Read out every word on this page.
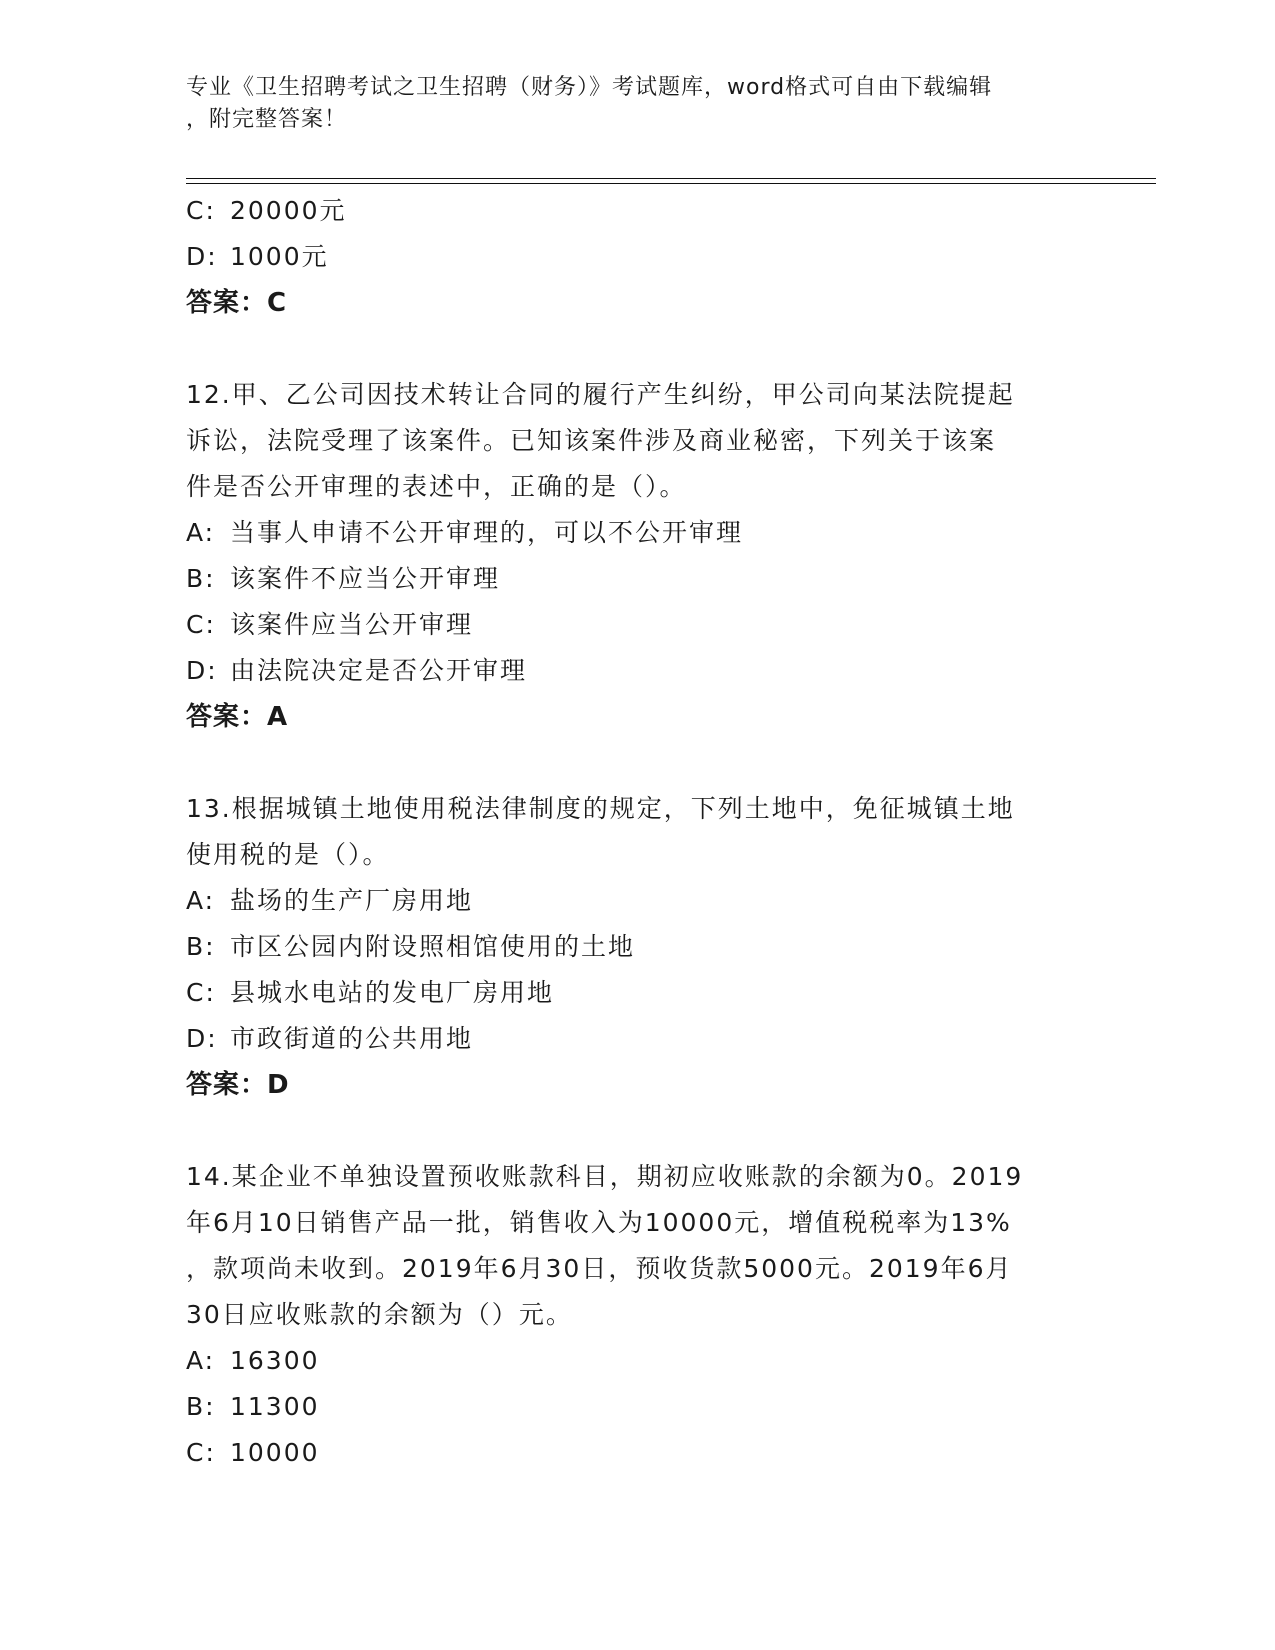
专业《卫生招聘考试之卫生招聘（财务）》考试题库，word格式可自由下载编辑
，附完整答案！
C: 20000元
D: 1000元
答案：C
12.甲、乙公司因技术转让合同的履行产生纠纷，甲公司向某法院提起
诉讼，法院受理了该案件。已知该案件涉及商业秘密，下列关于该案
件是否公开审理的表述中，正确的是（）。
A: 当事人申请不公开审理的，可以不公开审理
B: 该案件不应当公开审理
C: 该案件应当公开审理
D: 由法院决定是否公开审理
答案：A
13.根据城镇土地使用税法律制度的规定，下列土地中，免征城镇土地
使用税的是（）。
A: 盐场的生产厂房用地
B: 市区公园内附设照相馆使用的土地
C: 县城水电站的发电厂房用地
D: 市政街道的公共用地
答案：D
14.某企业不单独设置预收账款科目，期初应收账款的余额为0。2019
年6月10日销售产品一批，销售收入为10000元，增值税税率为13%
，款项尚未收到。2019年6月30日，预收货款5000元。2019年6月
30日应收账款的余额为（）元。
A: 16300
B: 11300
C: 10000
